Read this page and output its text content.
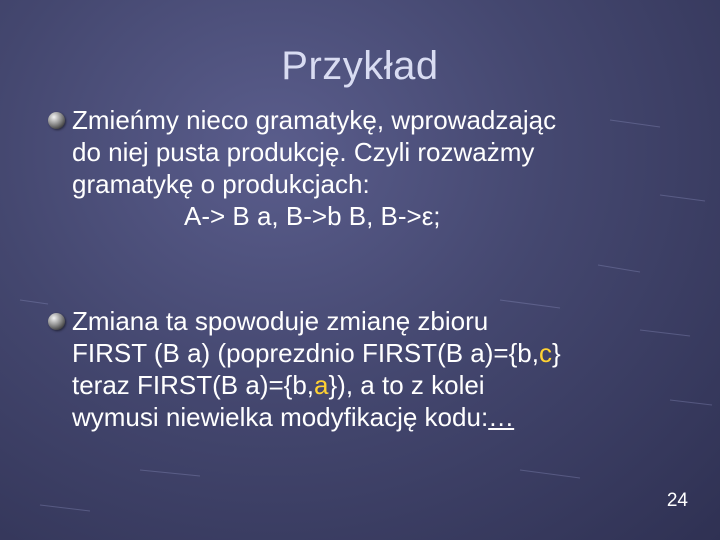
Przykład
Zmieńmy nieco gramatykę, wprowadzając
do niej pusta produkcję. Czyli rozważmy
gramatykę o produkcjach:
A-> B a, B->b B, B->ε;
Zmiana ta spowoduje zmianę zbioru
FIRST (B a) (poprezdnio FIRST(B a)={b,c}
teraz FIRST(B a)={b,a}), a to z kolei
wymusi niewielka modyfikację kodu:…
24
